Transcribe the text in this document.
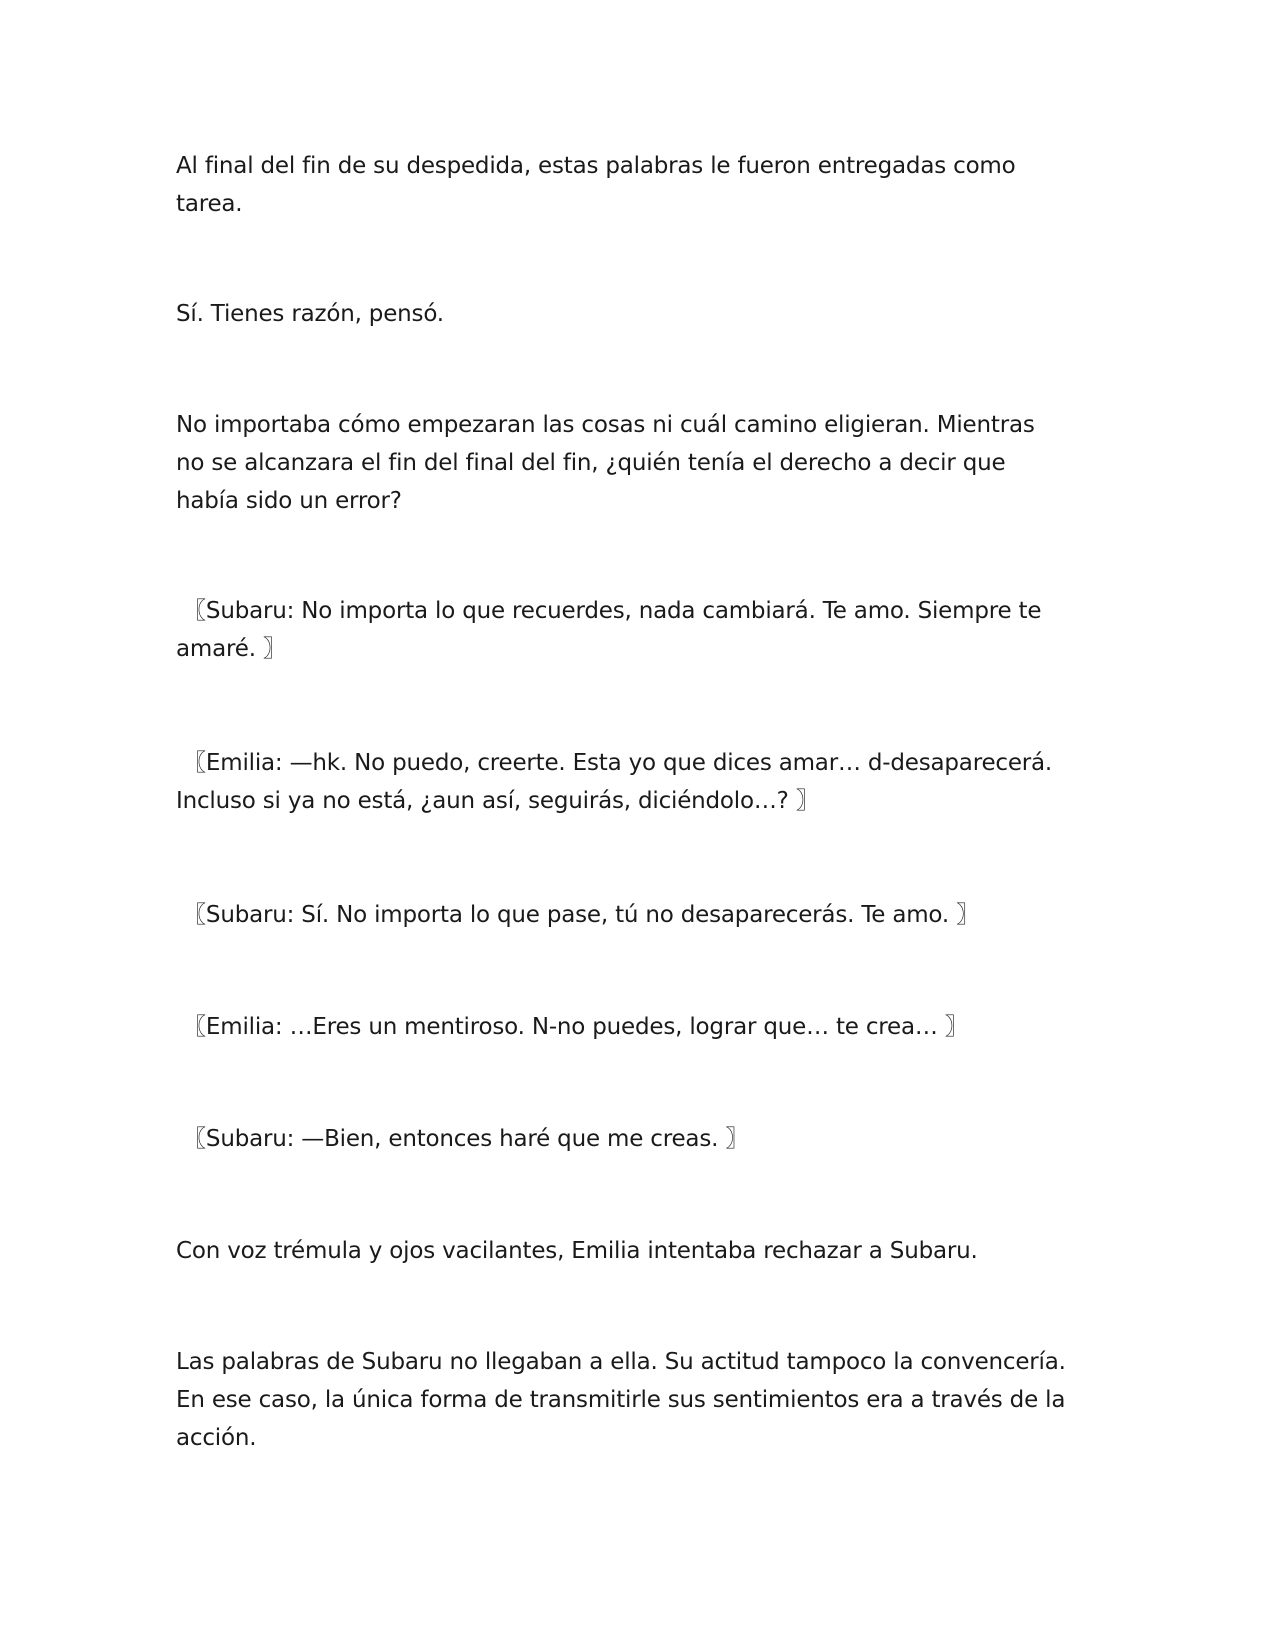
Al final del fin de su despedida, estas palabras le fueron entregadas como
tarea.

Sí. Tienes razón, pensó.

No importaba cómo empezaran las cosas ni cuál camino eligieran. Mientras
no se alcanzara el fin del final del fin, ¿quién tenía el derecho a decir que
había sido un error?

〖Subaru: No importa lo que recuerdes, nada cambiará. Te amo. Siempre te
amaré. 〗

〖Emilia: —hk. No puedo, creerte. Esta yo que dices amar… d-desaparecerá.
Incluso si ya no está, ¿aun así, seguirás, diciéndolo…? 〗

〖Subaru: Sí. No importa lo que pase, tú no desaparecerás. Te amo. 〗

〖Emilia: …Eres un mentiroso. N-no puedes, lograr que… te crea… 〗

〖Subaru: —Bien, entonces haré que me creas. 〗

Con voz trémula y ojos vacilantes, Emilia intentaba rechazar a Subaru.

Las palabras de Subaru no llegaban a ella. Su actitud tampoco la convencería.
En ese caso, la única forma de transmitirle sus sentimientos era a través de la
acción.
